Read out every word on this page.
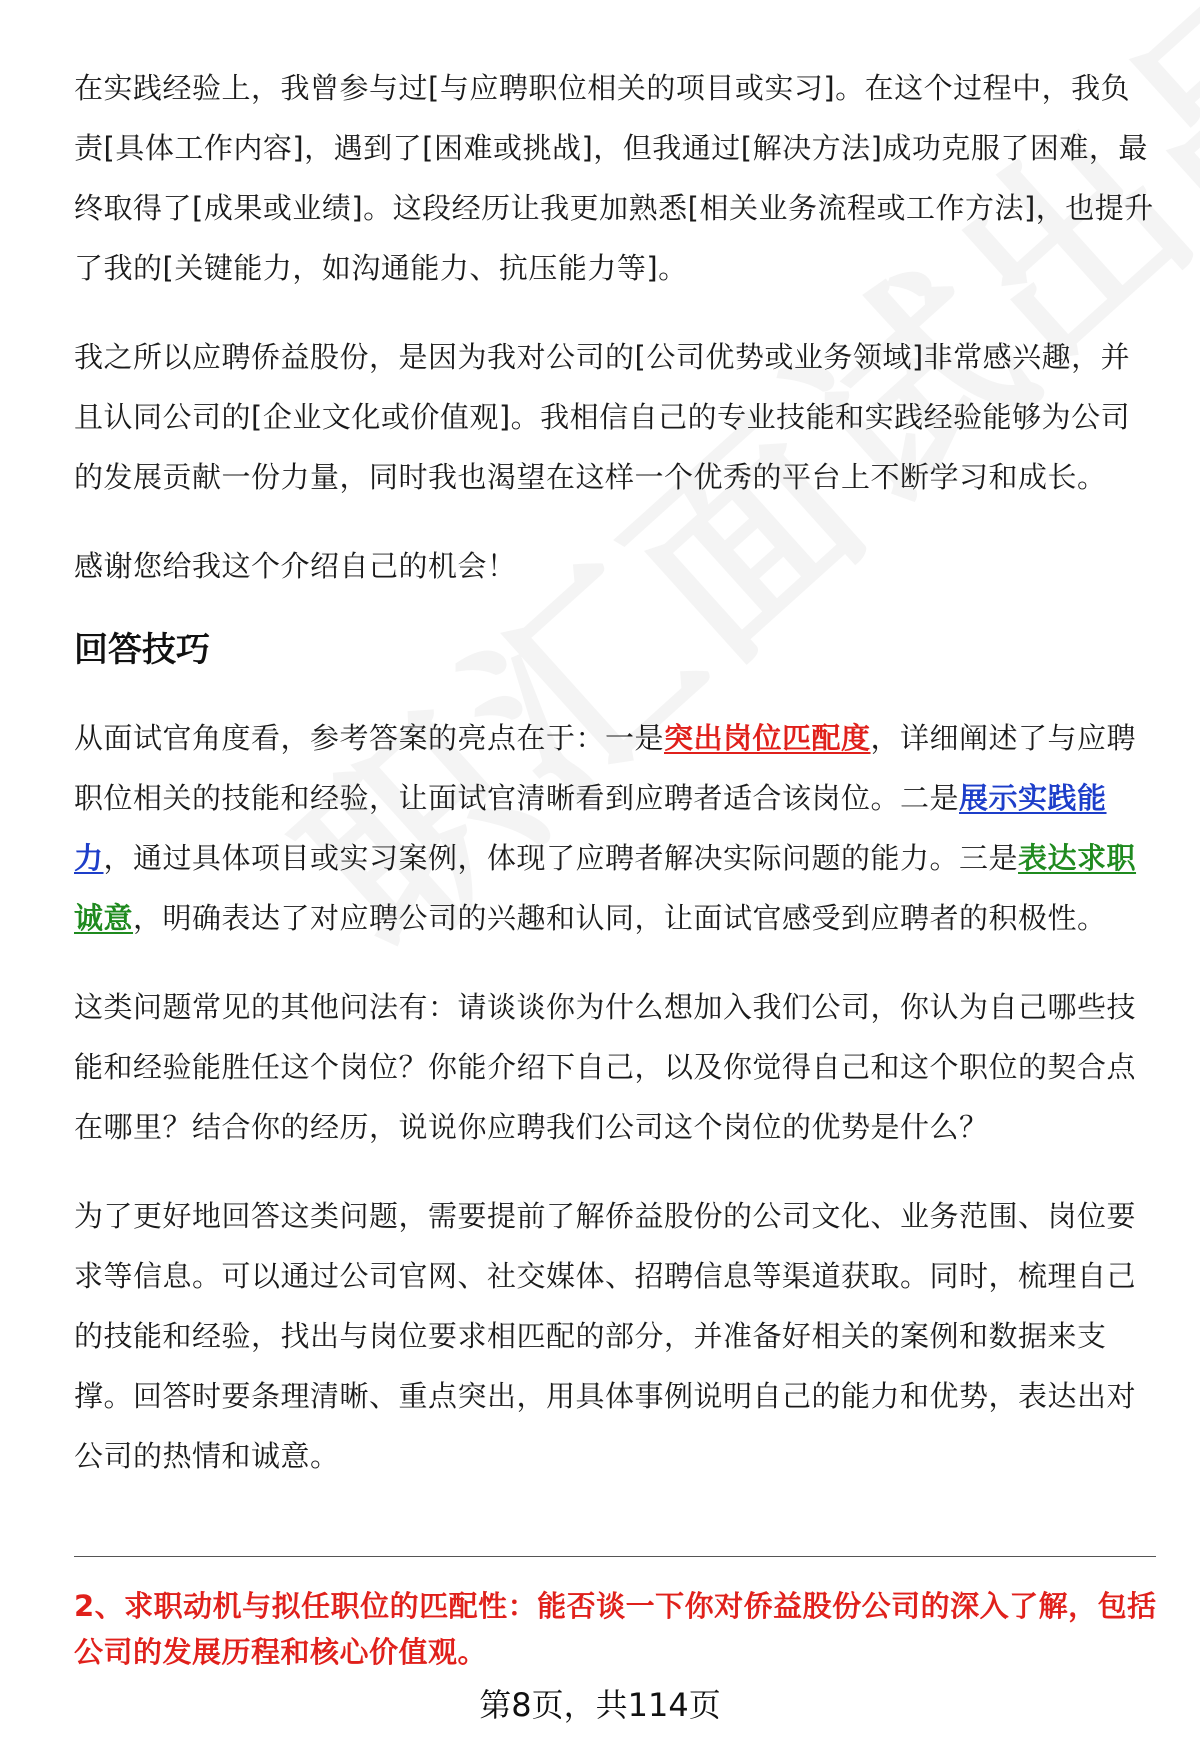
在实践经验上，我曾参与过[与应聘职位相关的项目或实习]。在这个过程中，我负责[具体工作内容]，遇到了[困难或挑战]，但我通过[解决方法]成功克服了困难，最终取得了[成果或业绩]。这段经历让我更加熟悉[相关业务流程或工作方法]，也提升了我的[关键能力，如沟通能力、抗压能力等]。

我之所以应聘侨益股份，是因为我对公司的[公司优势或业务领域]非常感兴趣，并且认同公司的[企业文化或价值观]。我相信自己的专业技能和实践经验能够为公司的发展贡献一份力量，同时我也渴望在这样一个优秀的平台上不断学习和成长。

感谢您给我这个介绍自己的机会！

回答技巧

从面试官角度看，参考答案的亮点在于：一是突出岗位匹配度，详细阐述了与应聘职位相关的技能和经验，让面试官清晰看到应聘者适合该岗位。二是展示实践能力，通过具体项目或实习案例，体现了应聘者解决实际问题的能力。三是表达求职诚意，明确表达了对应聘公司的兴趣和认同，让面试官感受到应聘者的积极性。

这类问题常见的其他问法有：请谈谈你为什么想加入我们公司，你认为自己哪些技能和经验能胜任这个岗位？你能介绍下自己，以及你觉得自己和这个职位的契合点在哪里？结合你的经历，说说你应聘我们公司这个岗位的优势是什么？

为了更好地回答这类问题，需要提前了解侨益股份的公司文化、业务范围、岗位要求等信息。可以通过公司官网、社交媒体、招聘信息等渠道获取。同时，梳理自己的技能和经验，找出与岗位要求相匹配的部分，并准备好相关的案例和数据来支撑。回答时要条理清晰、重点突出，用具体事例说明自己的能力和优势，表达出对公司的热情和诚意。

2、求职动机与拟任职位的匹配性：能否谈一下你对侨益股份公司的深入了解，包括公司的发展历程和核心价值观。

第8页，共114页
